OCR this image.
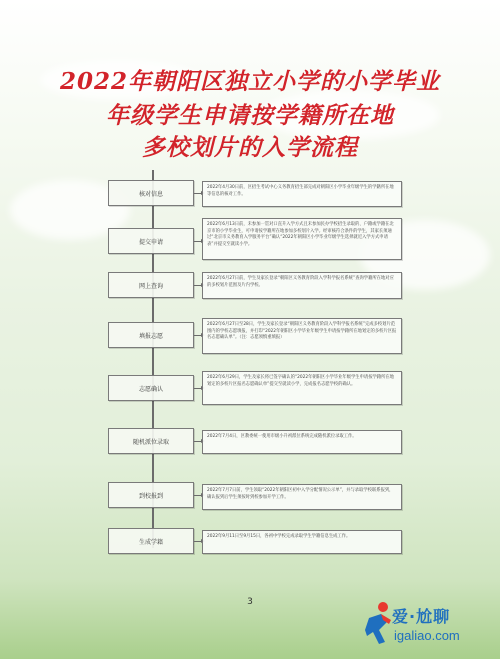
2022年朝阳区独立小学的小学毕业
年级学生申请按学籍所在地
多校划片的入学流程
核对信息
2022年4月30日前，区招生考试中心义务教育招生部完成对朝阳区小学毕业年级学生的学籍所在地等信息的核对工作。
提交申请
2022年6月13日前，未参加一贯对口直升入学方式且未参加民办学校招生录取的、户籍或学籍在北京市的小学毕业生，可申请按学籍所在地参加多校划片入学。经审核符合条件的学生，其家长须通过“北京市义务教育入学服务平台”确认“2022年朝阳区小学毕业年级学生选择就近入学方式申请表”并提交至就读小学。
网上查询
2022年6月27日前，学生及家长登录“朝阳区义务教育阶段入学科学报名系统”查询学籍所在地对应的多校划片范围及片内学校。
填报志愿
2022年6月27日至28日，学生及家长登录“朝阳区义务教育阶段入学科学报名系统”完成多校划片范围内的学校志愿填报，并打印“2022年朝阳区小学毕业年级学生申请按学籍所在地划定的多校片区报名志愿确认单”。（注：志愿须慎重填报）
志愿确认
2022年6月29日，学生及家长将已签字确认的“2022年朝阳区小学毕业年级学生申请按学籍所在地划定的多校片区报名志愿确认单”提交至就读小学，完成报名志愿学校的确认。
随机派位录取
2022年7月4日，区教委统一使用市级小升初派位系统完成随机派位录取工作。
到校报到
2022年7月7日前，学生领取“2022年朝阳区初中入学分配情况公示单”，并与录取学校联系报到，确认报到后学生须按时到校参加开学工作。
生成学籍
2022年9月11日至9月15日，各初中学校完成录取学生学籍信息生成工作。
3
爱·尬聊
igaliao.com
